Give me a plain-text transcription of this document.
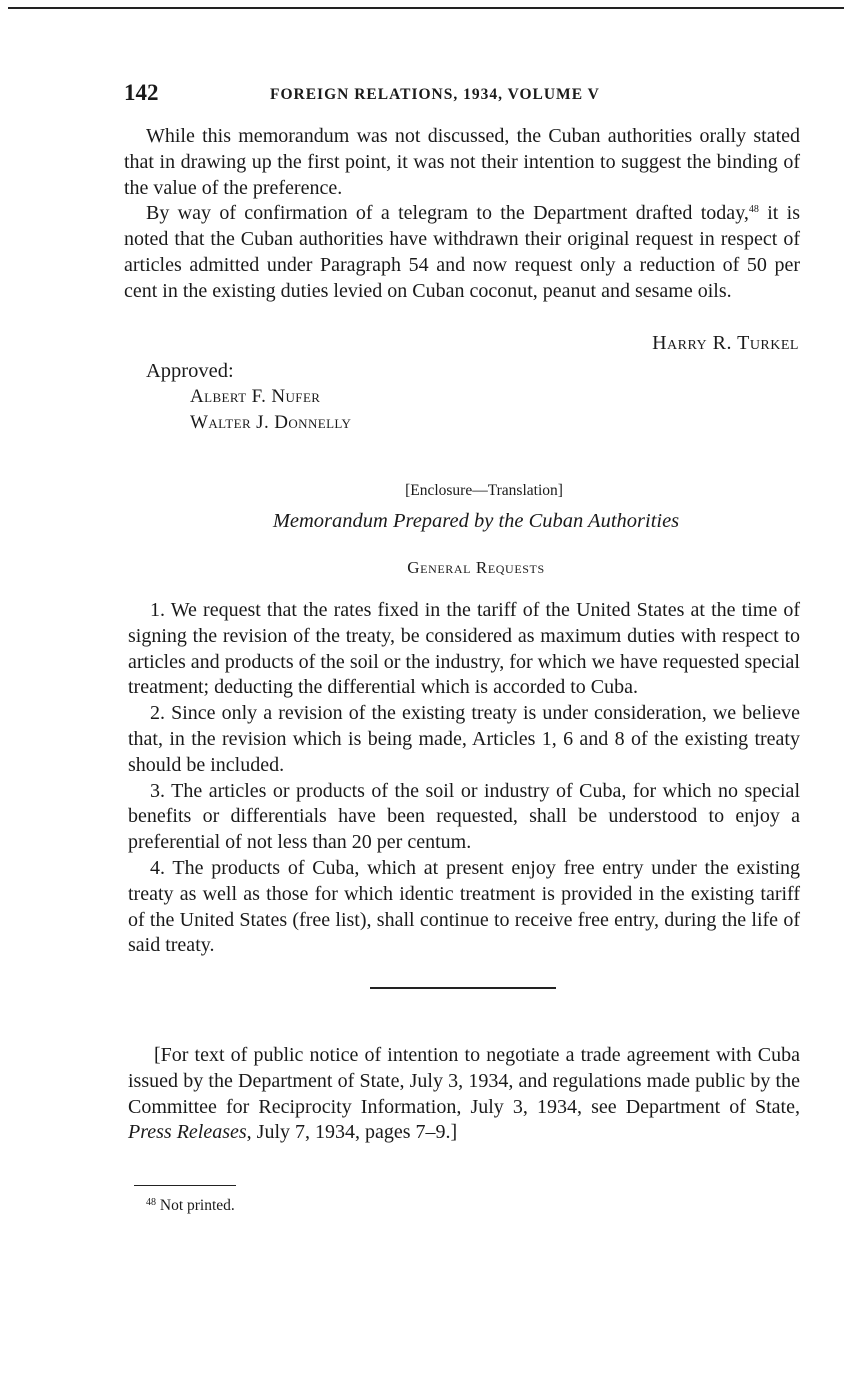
142	FOREIGN RELATIONS, 1934, VOLUME V

While this memorandum was not discussed, the Cuban authorities orally stated that in drawing up the first point, it was not their intention to suggest the binding of the value of the preference.

By way of confirmation of a telegram to the Department drafted today,$^{48}$ it is noted that the Cuban authorities have withdrawn their original request in respect of articles admitted under Paragraph 54 and now request only a reduction of 50 per cent in the existing duties levied on Cuban coconut, peanut and sesame oils.

Harry R. Turkel
Approved:
Albert F. Nufer
Walter J. Donnelly
[Enclosure—Translation]
Memorandum Prepared by the Cuban Authorities
General Requests

1. We request that the rates fixed in the tariff of the United States at the time of signing the revision of the treaty, be considered as maximum duties with respect to articles and products of the soil or the industry, for which we have requested special treatment; deducting the differential which is accorded to Cuba.

2. Since only a revision of the existing treaty is under consideration, we believe that, in the revision which is being made, Articles 1, 6 and 8 of the existing treaty should be included.

3. The articles or products of the soil or industry of Cuba, for which no special benefits or differentials have been requested, shall be understood to enjoy a preferential of not less than 20 per centum.

4. The products of Cuba, which at present enjoy free entry under the existing treaty as well as those for which identic treatment is provided in the existing tariff of the United States (free list), shall continue to receive free entry, during the life of said treaty.

[For text of public notice of intention to negotiate a trade agreement with Cuba issued by the Department of State, July 3, 1934, and regulations made public by the Committee for Reciprocity Information, July 3, 1934, see Department of State, Press Releases, July 7, 1934, pages 7–9.]

$^{48}$ Not printed.
